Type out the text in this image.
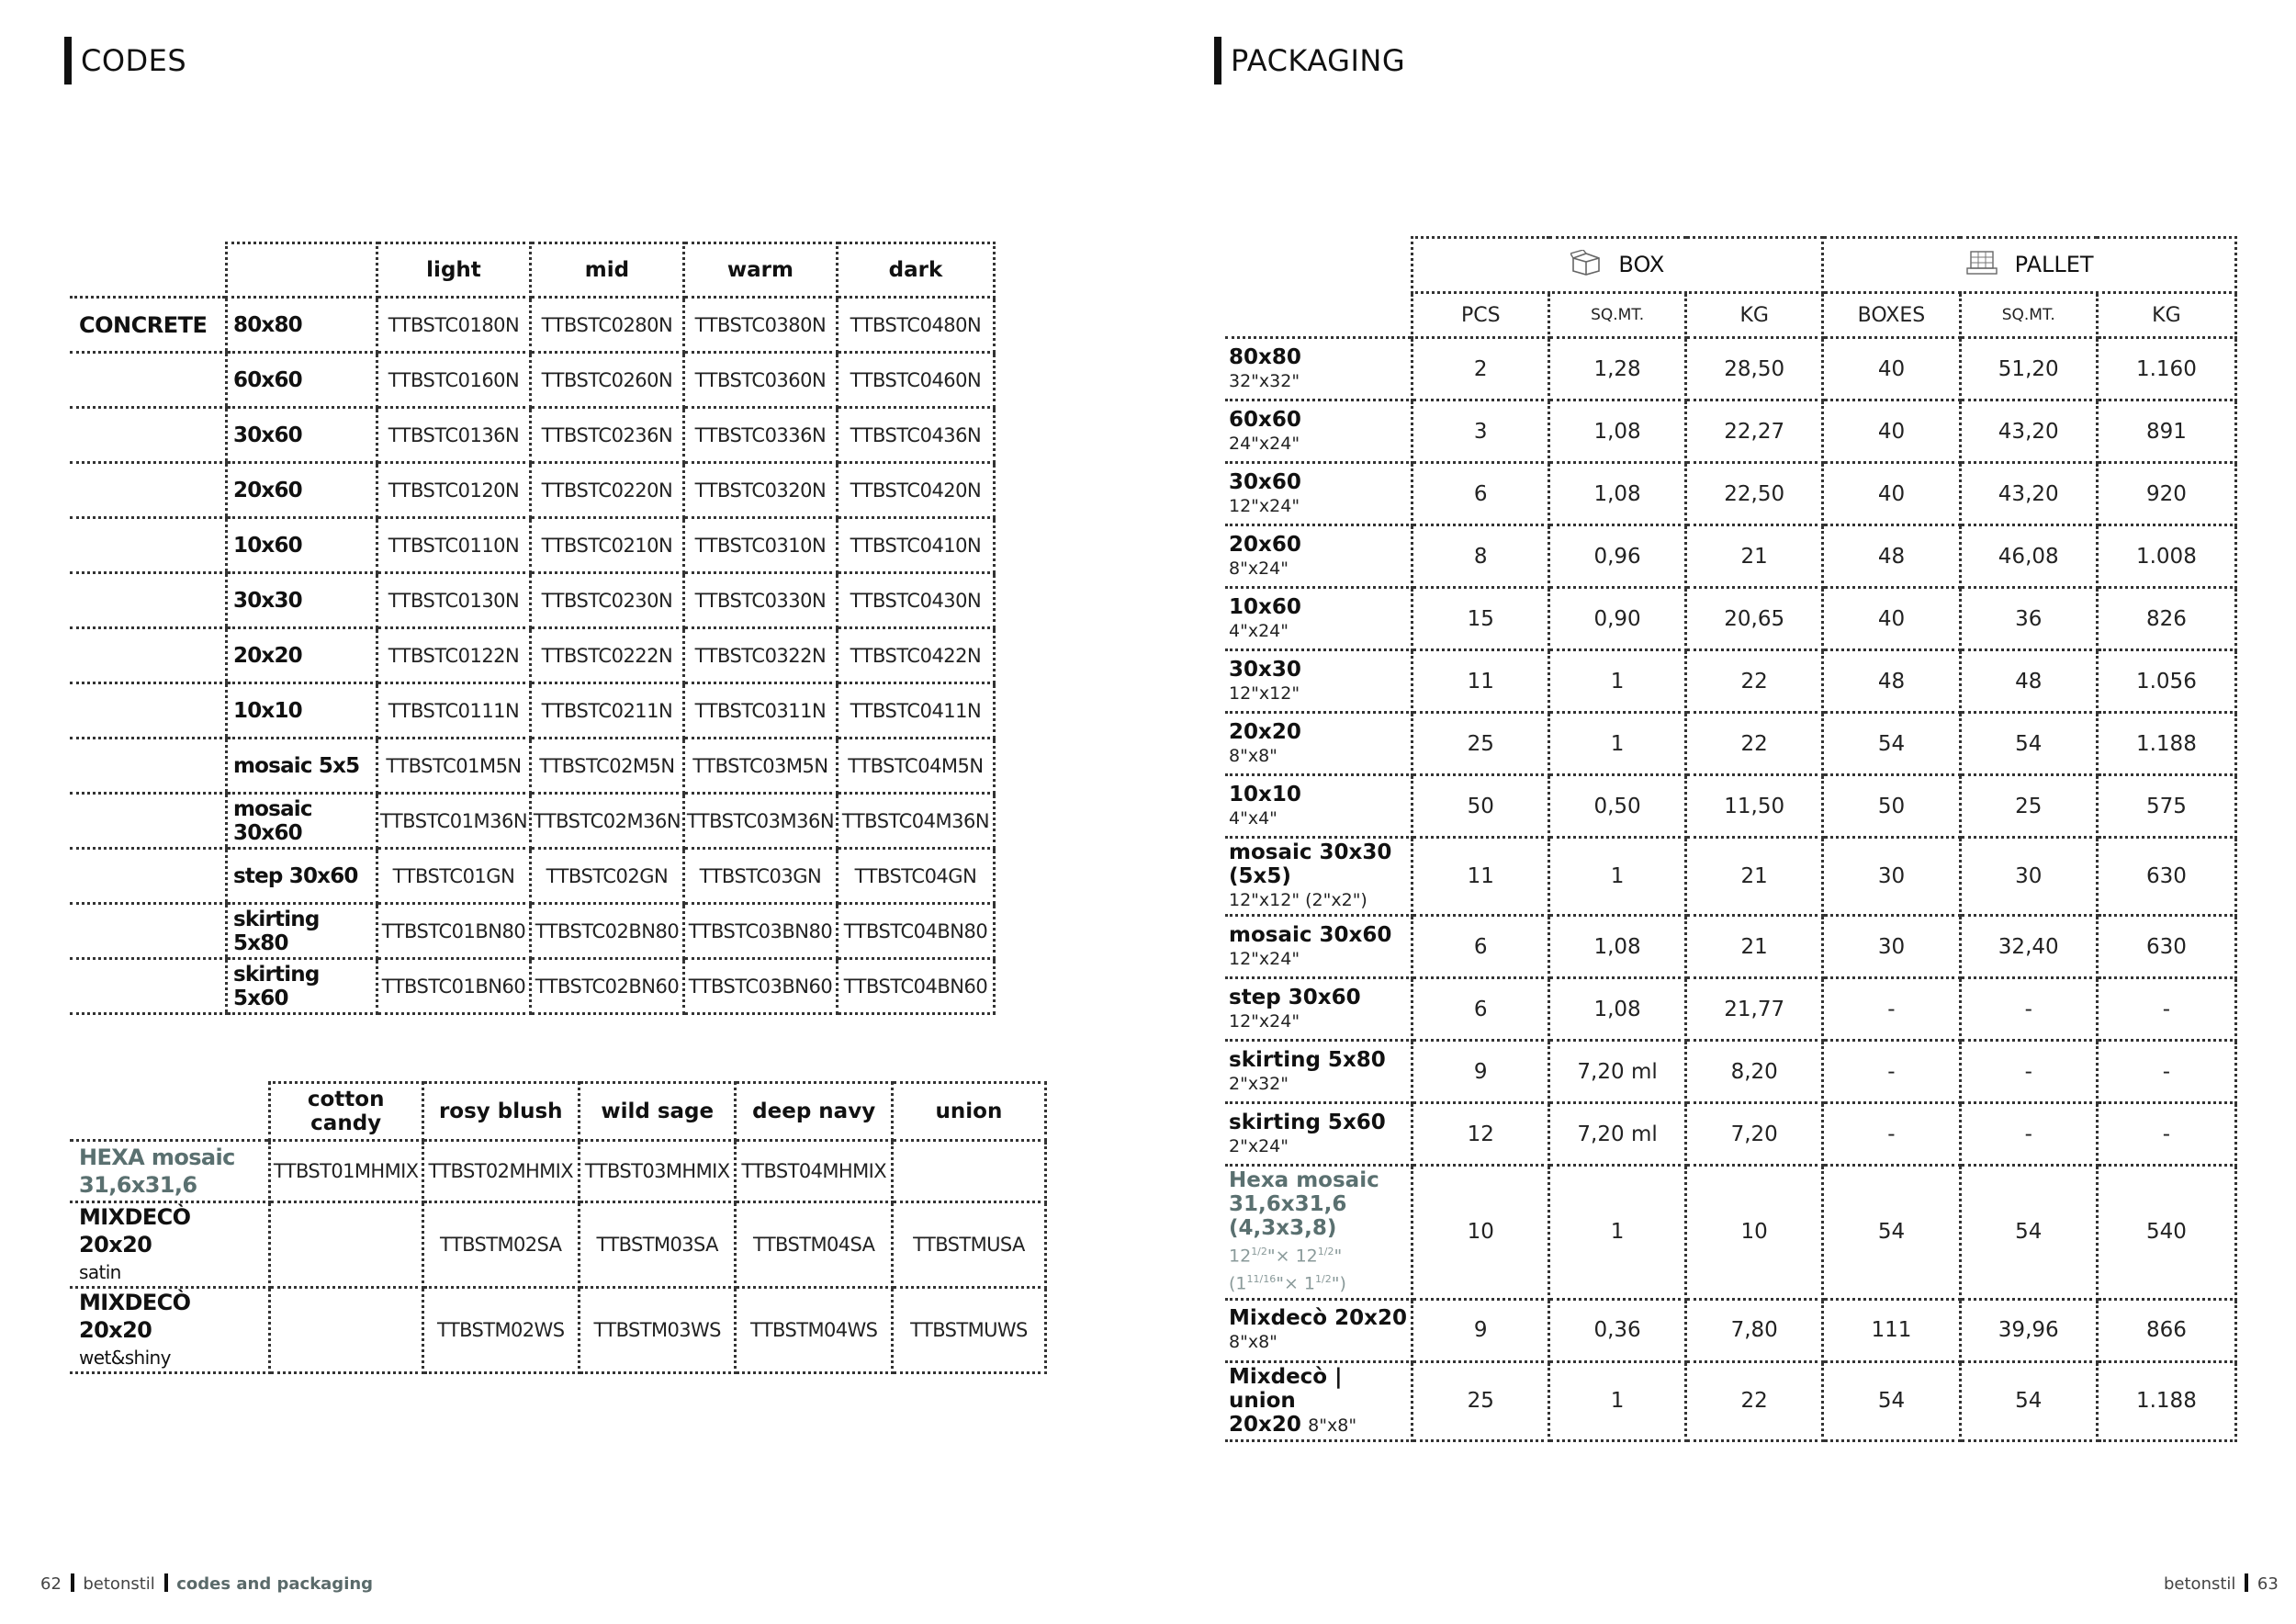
CODES
		light	mid	warm	dark
CONCRETE	80x80	TTBSTC0180N	TTBSTC0280N	TTBSTC0380N	TTBSTC0480N
	60x60	TTBSTC0160N	TTBSTC0260N	TTBSTC0360N	TTBSTC0460N
	30x60	TTBSTC0136N	TTBSTC0236N	TTBSTC0336N	TTBSTC0436N
	20x60	TTBSTC0120N	TTBSTC0220N	TTBSTC0320N	TTBSTC0420N
	10x60	TTBSTC0110N	TTBSTC0210N	TTBSTC0310N	TTBSTC0410N
	30x30	TTBSTC0130N	TTBSTC0230N	TTBSTC0330N	TTBSTC0430N
	20x20	TTBSTC0122N	TTBSTC0222N	TTBSTC0322N	TTBSTC0422N
	10x10	TTBSTC0111N	TTBSTC0211N	TTBSTC0311N	TTBSTC0411N
	mosaic 5x5	TTBSTC01M5N	TTBSTC02M5N	TTBSTC03M5N	TTBSTC04M5N
	mosaic 30x60	TTBSTC01M36N	TTBSTC02M36N	TTBSTC03M36N	TTBSTC04M36N
	step 30x60	TTBSTC01GN	TTBSTC02GN	TTBSTC03GN	TTBSTC04GN
	skirting 5x80	TTBSTC01BN80	TTBSTC02BN80	TTBSTC03BN80	TTBSTC04BN80
	skirting 5x60	TTBSTC01BN60	TTBSTC02BN60	TTBSTC03BN60	TTBSTC04BN60
	cotton candy	rosy blush	wild sage	deep navy	union

HEXA mosaic
31,6x31,6	TTBST01MHMIX	TTBST02MHMIX	TTBST03MHMIX	TTBST04MHMIX	

MIXDECÒ 20x20
satin		TTBSTM02SA	TTBSTM03SA	TTBSTM04SA	TTBSTMUSA

MIXDECÒ 20x20
wet&shiny		TTBSTM02WS	TTBSTM03WS	TTBSTM04WS	TTBSTMUWS
62 betonstil codes and packaging
PACKAGING
	BOX			PALLET		
	PCS	SQ.MT.	KG	BOXES	SQ.MT.	KG

80x80
32"x32"	2	1,28	28,50	40	51,20	1.160

60x60
24"x24"	3	1,08	22,27	40	43,20	891

30x60
12"x24"	6	1,08	22,50	40	43,20	920

20x60
8"x24"	8	0,96	21	48	46,08	1.008

10x60
4"x24"	15	0,90	20,65	40	36	826

30x30
12"x12"	11	1	22	48	48	1.056

20x20
8"x8"	25	1	22	54	54	1.188

10x10
4"x4"	50	0,50	11,50	50	25	575

mosaic 30x30 (5x5)
12"x12" (2"x2")	11	1	21	30	30	630

mosaic 30x60
12"x24"	6	1,08	21	30	32,40	630

step 30x60
12"x24"	6	1,08	21,77	-	-	-

skirting 5x80
2"x32"	9	7,20 ml	8,20	-	-	-

skirting 5x60
2"x24"	12	7,20 ml	7,20	-	-	-

Hexa mosaic
31,6x31,6 (4,3x3,8)
$12^{1/2}"\times 12^{1/2}$"
($1^{11/16}"\times$ $1^{1/2}$")	10	1	10	54	54	540

Mixdecò 20x20
8"x8"	9	0,36	7,80	111	39,96	866

Mixdecò | union
20x20 8"x8"	25	1	22	54	54	1.188
betonstil 63
